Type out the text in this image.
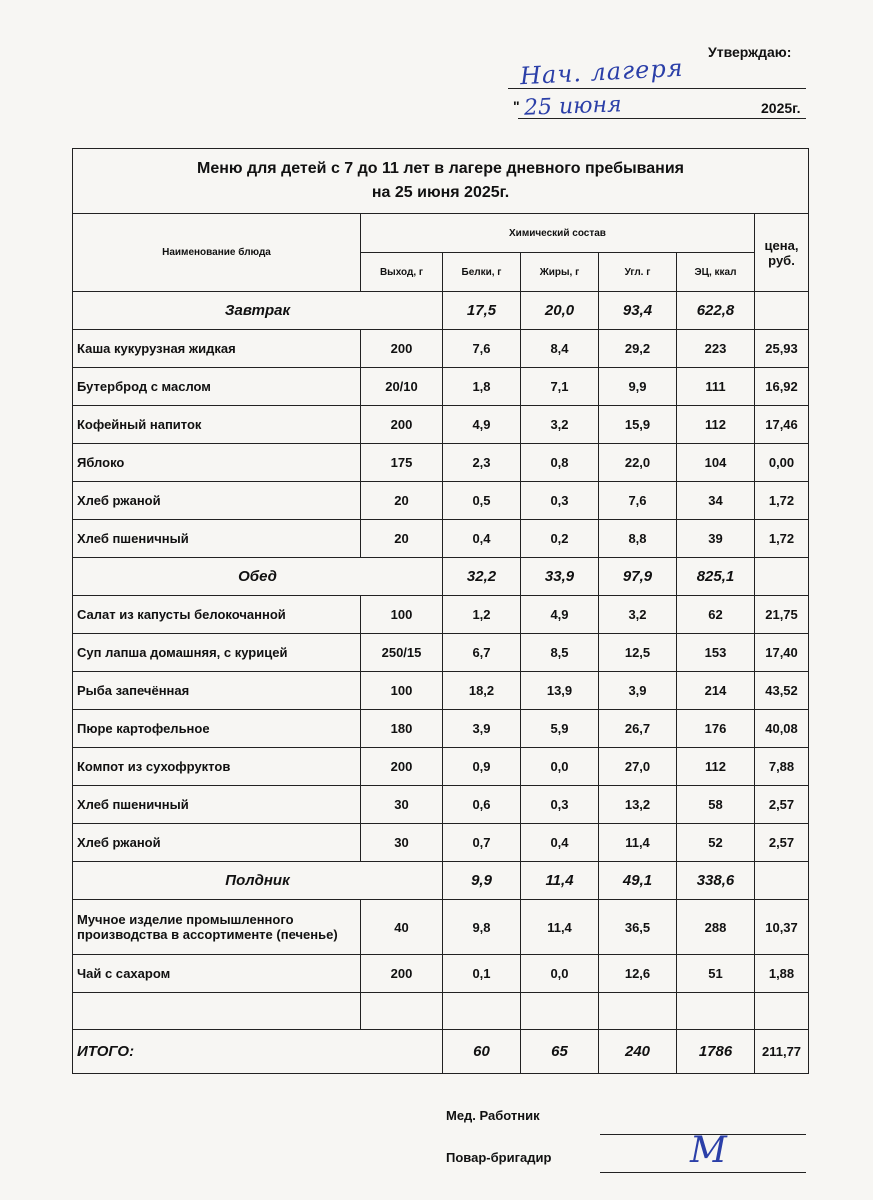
Утверждаю:
Нач. лагеря
" 25 июня	2025г.
Меню для детей с 7 до 11 лет в лагере дневного пребывания
на 25 июня 2025г.						

Наименование блюда	Химический состав					цена, руб.
	Выход, г	Белки, г	Жиры, г	Угл. г	ЭЦ, ккал	
Завтрак		17,5	20,0	93,4	622,8	
Каша кукурузная жидкая	200	7,6	8,4	29,2	223	25,93
Бутерброд с маслом	20/10	1,8	7,1	9,9	111	16,92
Кофейный напиток	200	4,9	3,2	15,9	112	17,46
Яблоко	175	2,3	0,8	22,0	104	0,00
Хлеб ржаной	20	0,5	0,3	7,6	34	1,72
Хлеб пшеничный	20	0,4	0,2	8,8	39	1,72
Обед		32,2	33,9	97,9	825,1	
Салат из капусты белокочанной	100	1,2	4,9	3,2	62	21,75
Суп лапша домашняя, с курицей	250/15	6,7	8,5	12,5	153	17,40
Рыба запечённая	100	18,2	13,9	3,9	214	43,52
Пюре картофельное	180	3,9	5,9	26,7	176	40,08
Компот из сухофруктов	200	0,9	0,0	27,0	112	7,88
Хлеб пшеничный	30	0,6	0,3	13,2	58	2,57
Хлеб ржаной	30	0,7	0,4	11,4	52	2,57
Полдник		9,9	11,4	49,1	338,6	
Мучное изделие промышленного производства в ассортименте (печенье)	40	9,8	11,4	36,5	288	10,37
Чай с сахаром	200	0,1	0,0	12,6	51	1,88

ИТОГО:		60	65	240	1786	211,77
Мед. Работник
Повар-бригадир	М
